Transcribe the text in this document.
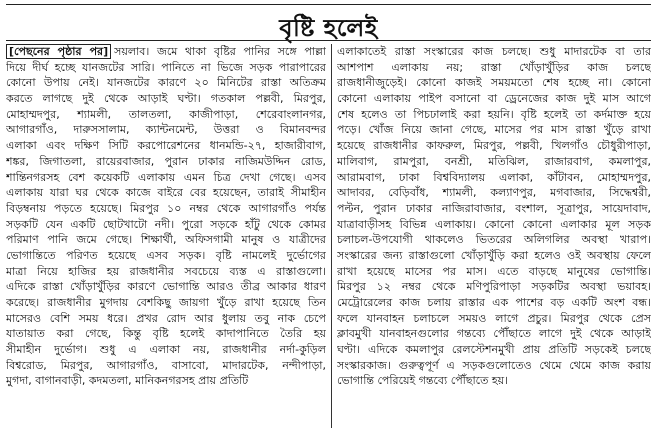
বৃষ্টি হলেই
[পেছনের পৃষ্ঠার পর] সয়লাব। জমে থাকা বৃষ্টির পানির সঙ্গে পাল্লা
দিয়ে দীর্ঘ হচ্ছে যানজটের সারি। পানিতে না ভিজে সড়ক পারাপারের
কোনো উপায় নেই। যানজটের কারণে ২০ মিনিটের রাস্তা অতিক্রম
করতে লাগছে দুই থেকে আড়াই ঘণ্টা। গতকাল পল্লবী, মিরপুর,
মোহাম্মদপুর, শ্যামলী, তালতলা, কাজীপাড়া, শেরেবাংলানগর,
আগারগাঁও, দারুসসালাম, ক্যান্টনমেন্ট, উত্তরা ও বিমানবন্দর
এলাকা এবং দক্ষিণ সিটি করপোরেশনের ধানমন্ডি-২৭, হাজারীবাগ,
শঙ্কর, জিগাতলা, রায়েরবাজার, পুরান ঢাকার নাজিমউদ্দিন রোড,
শান্তিনগরসহ বেশ কয়েকটি এলাকায় এমন চিত্র দেখা গেছে। এসব
এলাকায় যারা ঘর থেকে কাজে বাইরে বের হয়েছেন, তারাই সীমাহীন
বিড়ম্বনায় পড়তে হয়েছে। মিরপুর ১০ নম্বর থেকে আগারগাঁও পর্যন্ত
সড়কটি যেন একটি ছোটখাটো নদী। পুরো সড়কে হাঁটু থেকে কোমর
পরিমাণ পানি জমে গেছে। শিক্ষার্থী, অফিসগামী মানুষ ও যাত্রীদের
ভোগান্তিতে পরিণত হয়েছে এসব সড়ক। বৃষ্টি নামলেই দুর্ভোগের
মাত্রা নিয়ে হাজির হয় রাজধানীর সবচেয়ে ব্যস্ত এ রাস্তাগুলো।
এদিকে রাস্তা খোঁড়াখুঁড়ির কারণে ভোগান্তি আরও তীব্র আকার ধারণ
করেছে। রাজধানীর মুগদায় বেশকিছু জায়গা খুঁড়ে রাখা হয়েছে তিন
মাসেরও বেশি সময় ধরে। প্রখর রোদ আর ধুলায় তবু নাক চেপে
যাতায়াত করা গেছে, কিন্তু বৃষ্টি হলেই কাদাপানিতে তৈরি হয়
সীমাহীন দুর্ভোগ। শুধু এ এলাকা নয়, রাজধানীর নর্দা-কুড়িল
বিশ্বরোড, মিরপুর, আগারগাঁও, বাসাবো, মাদারটেক, নন্দীপাড়া,
মুগদা, বাগানবাড়ী, কদমতলা, মানিকনগরসহ প্রায় প্রতিটি
এলাকাতেই রাস্তা সংস্কারের কাজ চলছে। শুধু মাদারটেক বা তার
আশপাশ এলাকায় নয়; রাস্তা খোঁড়াখুঁড়ির কাজ চলছে
রাজধানীজুড়েই। কোনো কাজই সময়মতো শেষ হচ্ছে না। কোনো
কোনো এলাকায় পাইপ বসানো বা ড্রেনেজের কাজ দুই মাস আগে
শেষ হলেও তা পিচঢালাই করা হয়নি। বৃষ্টি হলেই তা কর্দমাক্ত হয়ে
পড়ে। খোঁজ নিয়ে জানা গেছে, মাসের পর মাস রাস্তা খুঁড়ে রাখা
হয়েছে রাজধানীর কাফরুল, মিরপুর, পল্লবী, খিলগাঁও চৌধুরীপাড়া,
মালিবাগ, রামপুরা, বনশ্রী, মতিঝিল, রাজারবাগ, কমলাপুর,
আরামবাগ, ঢাকা বিশ্ববিদ্যালয় এলাকা, কাঁটাবন, মোহাম্মদপুর,
আদাবর, বেড়িবাঁধ, শ্যামলী, কল্যাণপুর, মগবাজার, সিদ্ধেশ্বরী,
পল্টন, পুরান ঢাকার নাজিরাবাজার, বংশাল, সূত্রাপুর, সায়েদাবাদ,
যাত্রাবাড়ীসহ বিভিন্ন এলাকায়। কোনো কোনো এলাকার মূল সড়ক
চলাচল-উপযোগী থাকলেও ভিতরের অলিগলির অবস্থা খারাপ।
সংস্কারের জন্য রাস্তাগুলো খোঁড়াখুঁড়ি করা হলেও ওই অবস্থায় ফেলে
রাখা হয়েছে মাসের পর মাস। এতে বাড়ছে মানুষের ভোগান্তি।
মিরপুর ১২ নম্বর থেকে মণিপুরিপাড়া সড়কটির অবস্থা ভয়াবহ।
মেট্রোরেলের কাজ চলায় রাস্তার এক পাশের বড় একটি অংশ বন্ধ।
ফলে যানবাহন চলাচলে সময়ও লাগে প্রচুর। মিরপুর থেকে প্রেস
ক্লাবমুখী যানবাহনগুলোর গন্তব্যে পৌঁছাতে লাগে দুই থেকে আড়াই
ঘণ্টা। এদিকে কমলাপুর রেলস্টেশনমুখী প্রায় প্রতিটি সড়কেই চলছে
সংস্কারকাজ। গুরুত্বপূর্ণ এ সড়কগুলোতেও থেমে থেমে কাজ করায়
ভোগান্তি পেরিয়েই গন্তব্যে পৌঁছাতে হয়।
